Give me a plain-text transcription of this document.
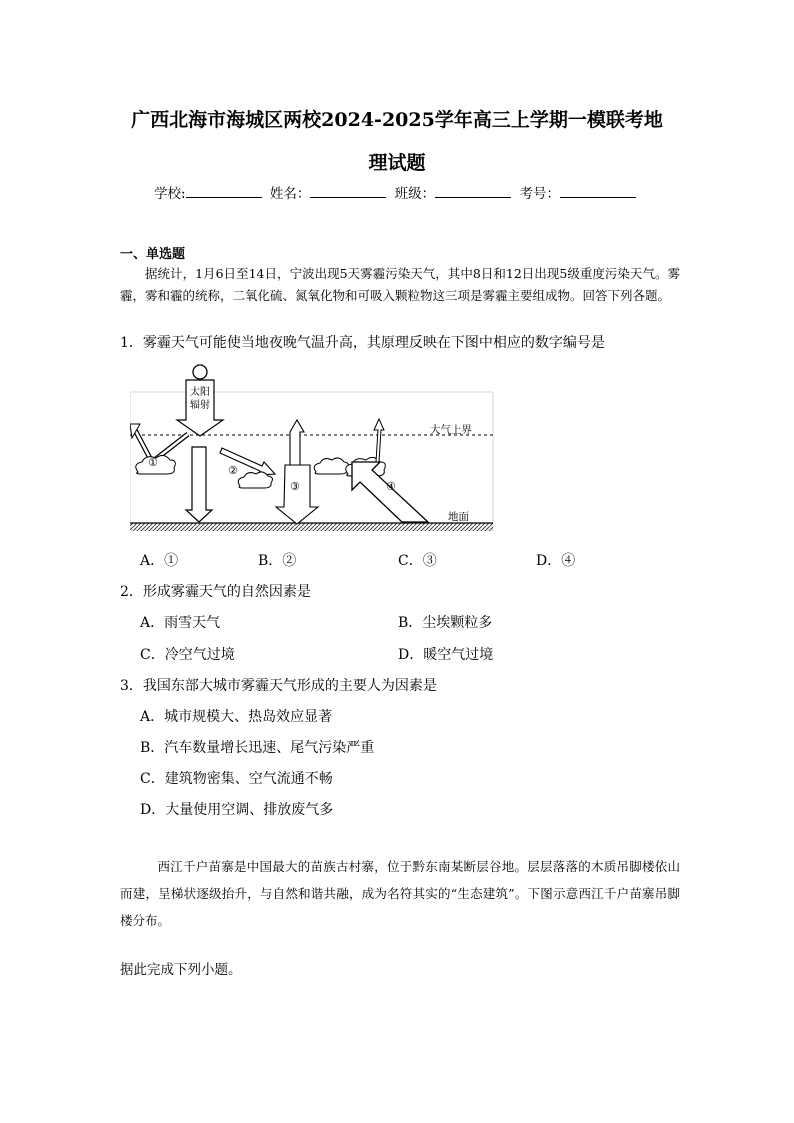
广西北海市海城区两校2024-2025学年高三上学期一模联考地
理试题
学校:	姓名：	班级：	考号：
一、单选题
据统计，1月6日至14日，宁波出现5天雾霾污染天气，其中8日和12日出现5级重度污染天气。雾霾，雾和霾的统称，二氧化硫、氮氧化物和可吸入颗粒物这三项是雾霾主要组成物。回答下列各题。
1．雾霾天气可能使当地夜晚气温升高，其原理反映在下图中相应的数字编号是
太阳
辐射
①
②
③	④
大气上界
地面
A．①	B．②	C．③	D．④
2．形成雾霾天气的自然因素是
A．雨雪天气	B．尘埃颗粒多
C．冷空气过境	D．暖空气过境
3．我国东部大城市雾霾天气形成的主要人为因素是
A．城市规模大、热岛效应显著
B．汽车数量增长迅速、尾气污染严重
C．建筑物密集、空气流通不畅
D．大量使用空调、排放废气多
西江千户苗寨是中国最大的苗族古村寨，位于黔东南某断层谷地。层层落落的木质吊脚楼依山而建，呈梯状逐级抬升，与自然和谐共融，成为名符其实的“生态建筑”。下图示意西江千户苗寨吊脚楼分布。
据此完成下列小题。
